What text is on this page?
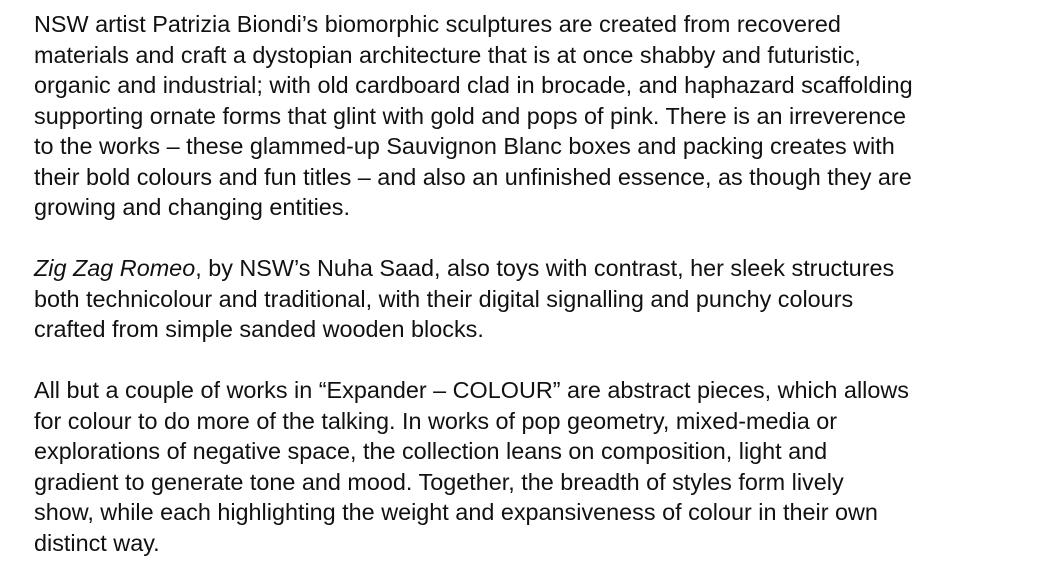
NSW artist Patrizia Biondi’s biomorphic sculptures are created from recovered
materials and craft a dystopian architecture that is at once shabby and futuristic,
organic and industrial; with old cardboard clad in brocade, and haphazard scaffolding
supporting ornate forms that glint with gold and pops of pink. There is an irreverence
to the works – these glammed-up Sauvignon Blanc boxes and packing creates with
their bold colours and fun titles – and also an unfinished essence, as though they are
growing and changing entities.

Zig Zag Romeo, by NSW’s Nuha Saad, also toys with contrast, her sleek structures
both technicolour and traditional, with their digital signalling and punchy colours
crafted from simple sanded wooden blocks.

All but a couple of works in “Expander – COLOUR” are abstract pieces, which allows
for colour to do more of the talking. In works of pop geometry, mixed-media or
explorations of negative space, the collection leans on composition, light and
gradient to generate tone and mood. Together, the breadth of styles form lively
show, while each highlighting the weight and expansiveness of colour in their own
distinct way.
